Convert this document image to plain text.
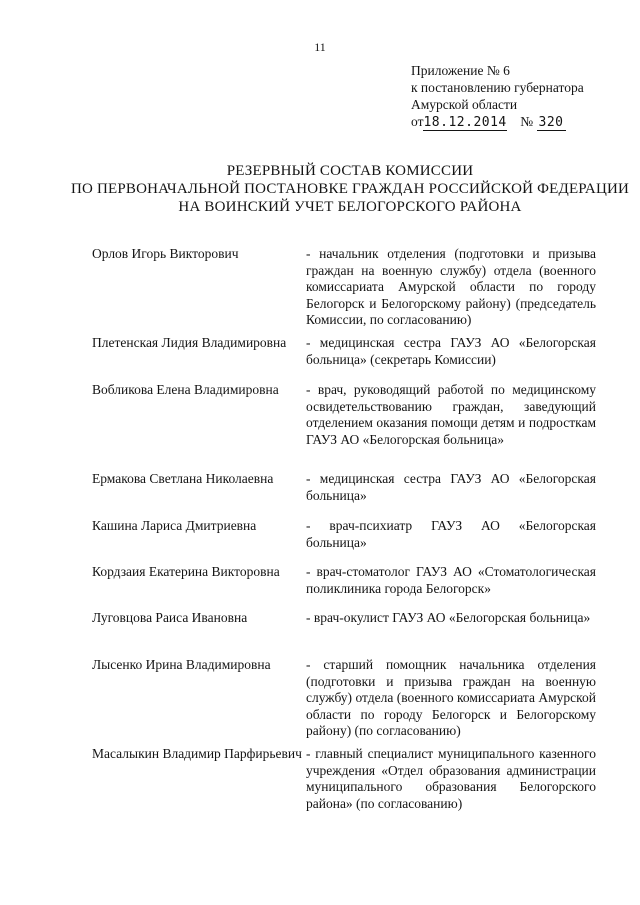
11
Приложение № 6
к постановлению губернатора
Амурской области
от18.12.2014 № 320
РЕЗЕРВНЫЙ СОСТАВ КОМИССИИ
ПО ПЕРВОНАЧАЛЬНОЙ ПОСТАНОВКЕ ГРАЖДАН РОССИЙСКОЙ ФЕДЕРАЦИИ
НА ВОИНСКИЙ УЧЕТ БЕЛОГОРСКОГО РАЙОНА
Орлов Игорь Викторович	- начальник отделения (подготовки и призыва граждан на военную службу) отдела (военного комиссариата Амурской области по городу Белогорск и Белогорскому району) (председатель Комиссии, по согласованию)
Плетенская Лидия Владимировна	- медицинская сестра ГАУЗ АО «Белогорская больница» (секретарь Комиссии)
Вобликова Елена Владимировна	- врач, руководящий работой по медицинскому освидетельствованию граждан, заведующий отделением оказания помощи детям и подросткам ГАУЗ АО «Белогорская больница»
Ермакова Светлана Николаевна	- медицинская сестра ГАУЗ АО «Белогорская больница»
Кашина Лариса Дмитриевна	- врач-психиатр ГАУЗ АО «Белогорская больница»
Кордзаия Екатерина Викторовна	- врач-стоматолог ГАУЗ АО «Стоматологическая поликлиника города Белогорск»
Луговцова Раиса Ивановна	- врач-окулист ГАУЗ АО «Белогорская больница»
Лысенко Ирина Владимировна	- старший помощник начальника отделения (подготовки и призыва граждан на военную службу) отдела (военного комиссариата Амурской области по городу Белогорск и Белогорскому району) (по согласованию)
Масалыкин Владимир Парфирьевич - главный специалист муниципального казенного учреждения «Отдел образования администрации муниципального образования Белогорского района» (по согласованию)
